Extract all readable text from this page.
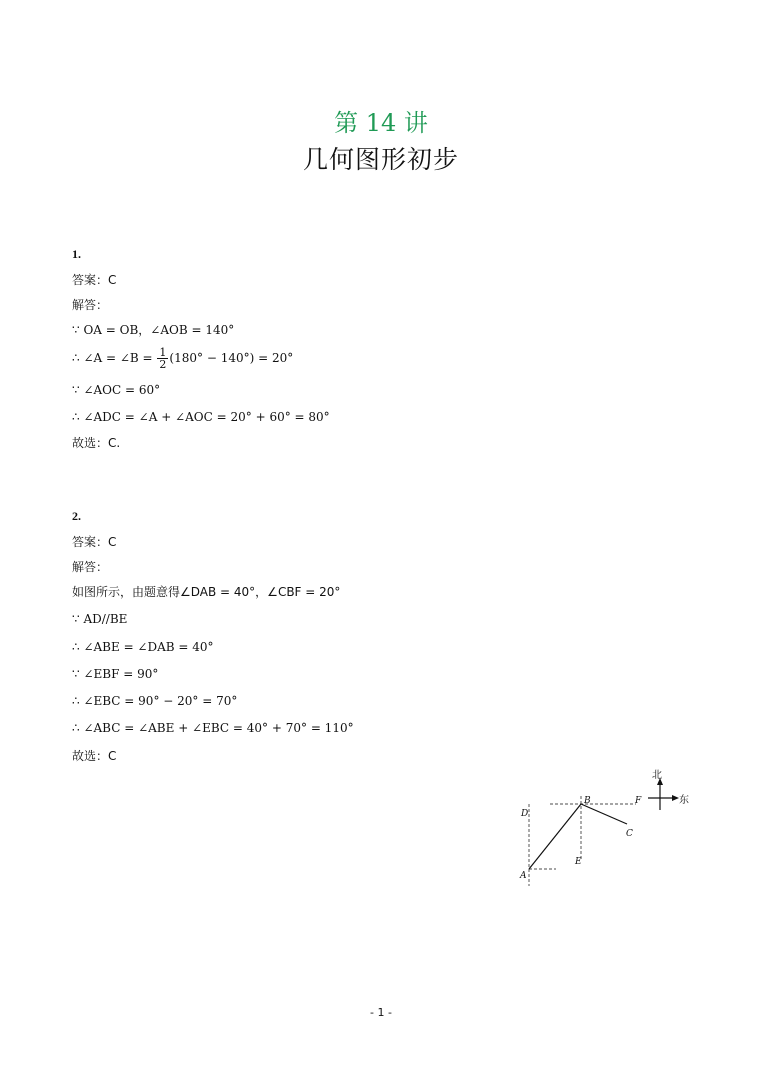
第 14 讲
几何图形初步
1.
答案：C
解答：
∵ OA = OB，∠AOB = 140°
∴ ∠A = ∠B = $\frac{1}{2} (180^\circ - 140^\circ) = 20^\circ$
∵ ∠AOC = 60°
∴ ∠ADC = ∠A + ∠AOC = 20° + 60° = 80°
故选：C.
2.
答案：C
解答：
如图所示，由题意得∠DAB = 40°，∠CBF = 20°
∵ AD//BE
∴ ∠ABE = ∠DAB = 40°
∵ ∠EBF = 90°
∴ ∠EBC = 90° − 20° = 70°
∴ ∠ABC = ∠ABE + ∠EBC = 40° + 70° = 110°
故选：C
D
A
B
C
E
F
北
东
- 1 -
